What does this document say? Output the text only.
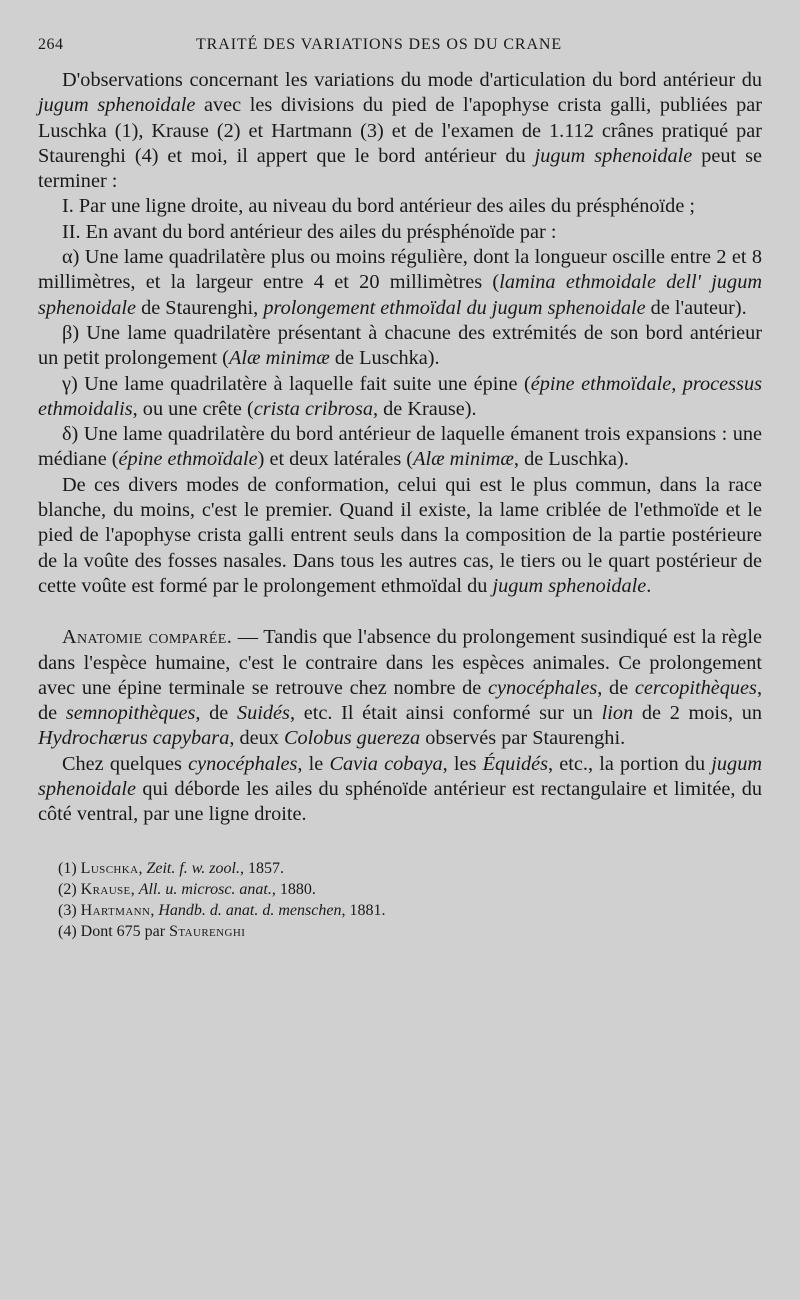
264	TRAITÉ DES VARIATIONS DES OS DU CRANE

D'observations concernant les variations du mode d'articulation du bord antérieur du jugum sphenoidale avec les divisions du pied de l'apophyse crista galli, publiées par Luschka (1), Krause (2) et Hartmann (3) et de l'examen de 1.112 crânes pratiqué par Staurenghi (4) et moi, il appert que le bord antérieur du jugum sphenoidale peut se terminer :

I. Par une ligne droite, au niveau du bord antérieur des ailes du présphénoïde ;

II. En avant du bord antérieur des ailes du présphénoïde par :

α) Une lame quadrilatère plus ou moins régulière, dont la longueur oscille entre 2 et 8 millimètres, et la largeur entre 4 et 20 millimètres (lamina ethmoidale dell' jugum sphenoidale de Staurenghi, prolongement ethmoïdal du jugum sphenoidale de l'auteur).

β) Une lame quadrilatère présentant à chacune des extrémités de son bord antérieur un petit prolongement (Alæ minimæ de Luschka).

γ) Une lame quadrilatère à laquelle fait suite une épine (épine ethmoïdale, processus ethmoidalis, ou une crête (crista cribrosa, de Krause).

δ) Une lame quadrilatère du bord antérieur de laquelle émanent trois expansions : une médiane (épine ethmoïdale) et deux latérales (Alæ minimæ, de Luschka).

De ces divers modes de conformation, celui qui est le plus commun, dans la race blanche, du moins, c'est le premier. Quand il existe, la lame criblée de l'ethmoïde et le pied de l'apophyse crista galli entrent seuls dans la composition de la partie postérieure de la voûte des fosses nasales. Dans tous les autres cas, le tiers ou le quart postérieur de cette voûte est formé par le prolongement ethmoïdal du jugum sphenoidale.

Anatomie comparée. — Tandis que l'absence du prolongement susindiqué est la règle dans l'espèce humaine, c'est le contraire dans les espèces animales. Ce prolongement avec une épine terminale se retrouve chez nombre de cynocéphales, de cercopithèques, de semnopithèques, de Suidés, etc. Il était ainsi conformé sur un lion de 2 mois, un Hydrochærus capybara, deux Colobus guereza observés par Staurenghi.

Chez quelques cynocéphales, le Cavia cobaya, les Équidés, etc., la portion du jugum sphenoidale qui déborde les ailes du sphénoïde antérieur est rectangulaire et limitée, du côté ventral, par une ligne droite.

(1) Luschka, Zeit. f. w. zool., 1857.
(2) Krause, All. u. microsc. anat., 1880.
(3) Hartmann, Handb. d. anat. d. menschen, 1881.
(4) Dont 675 par Staurenghi
